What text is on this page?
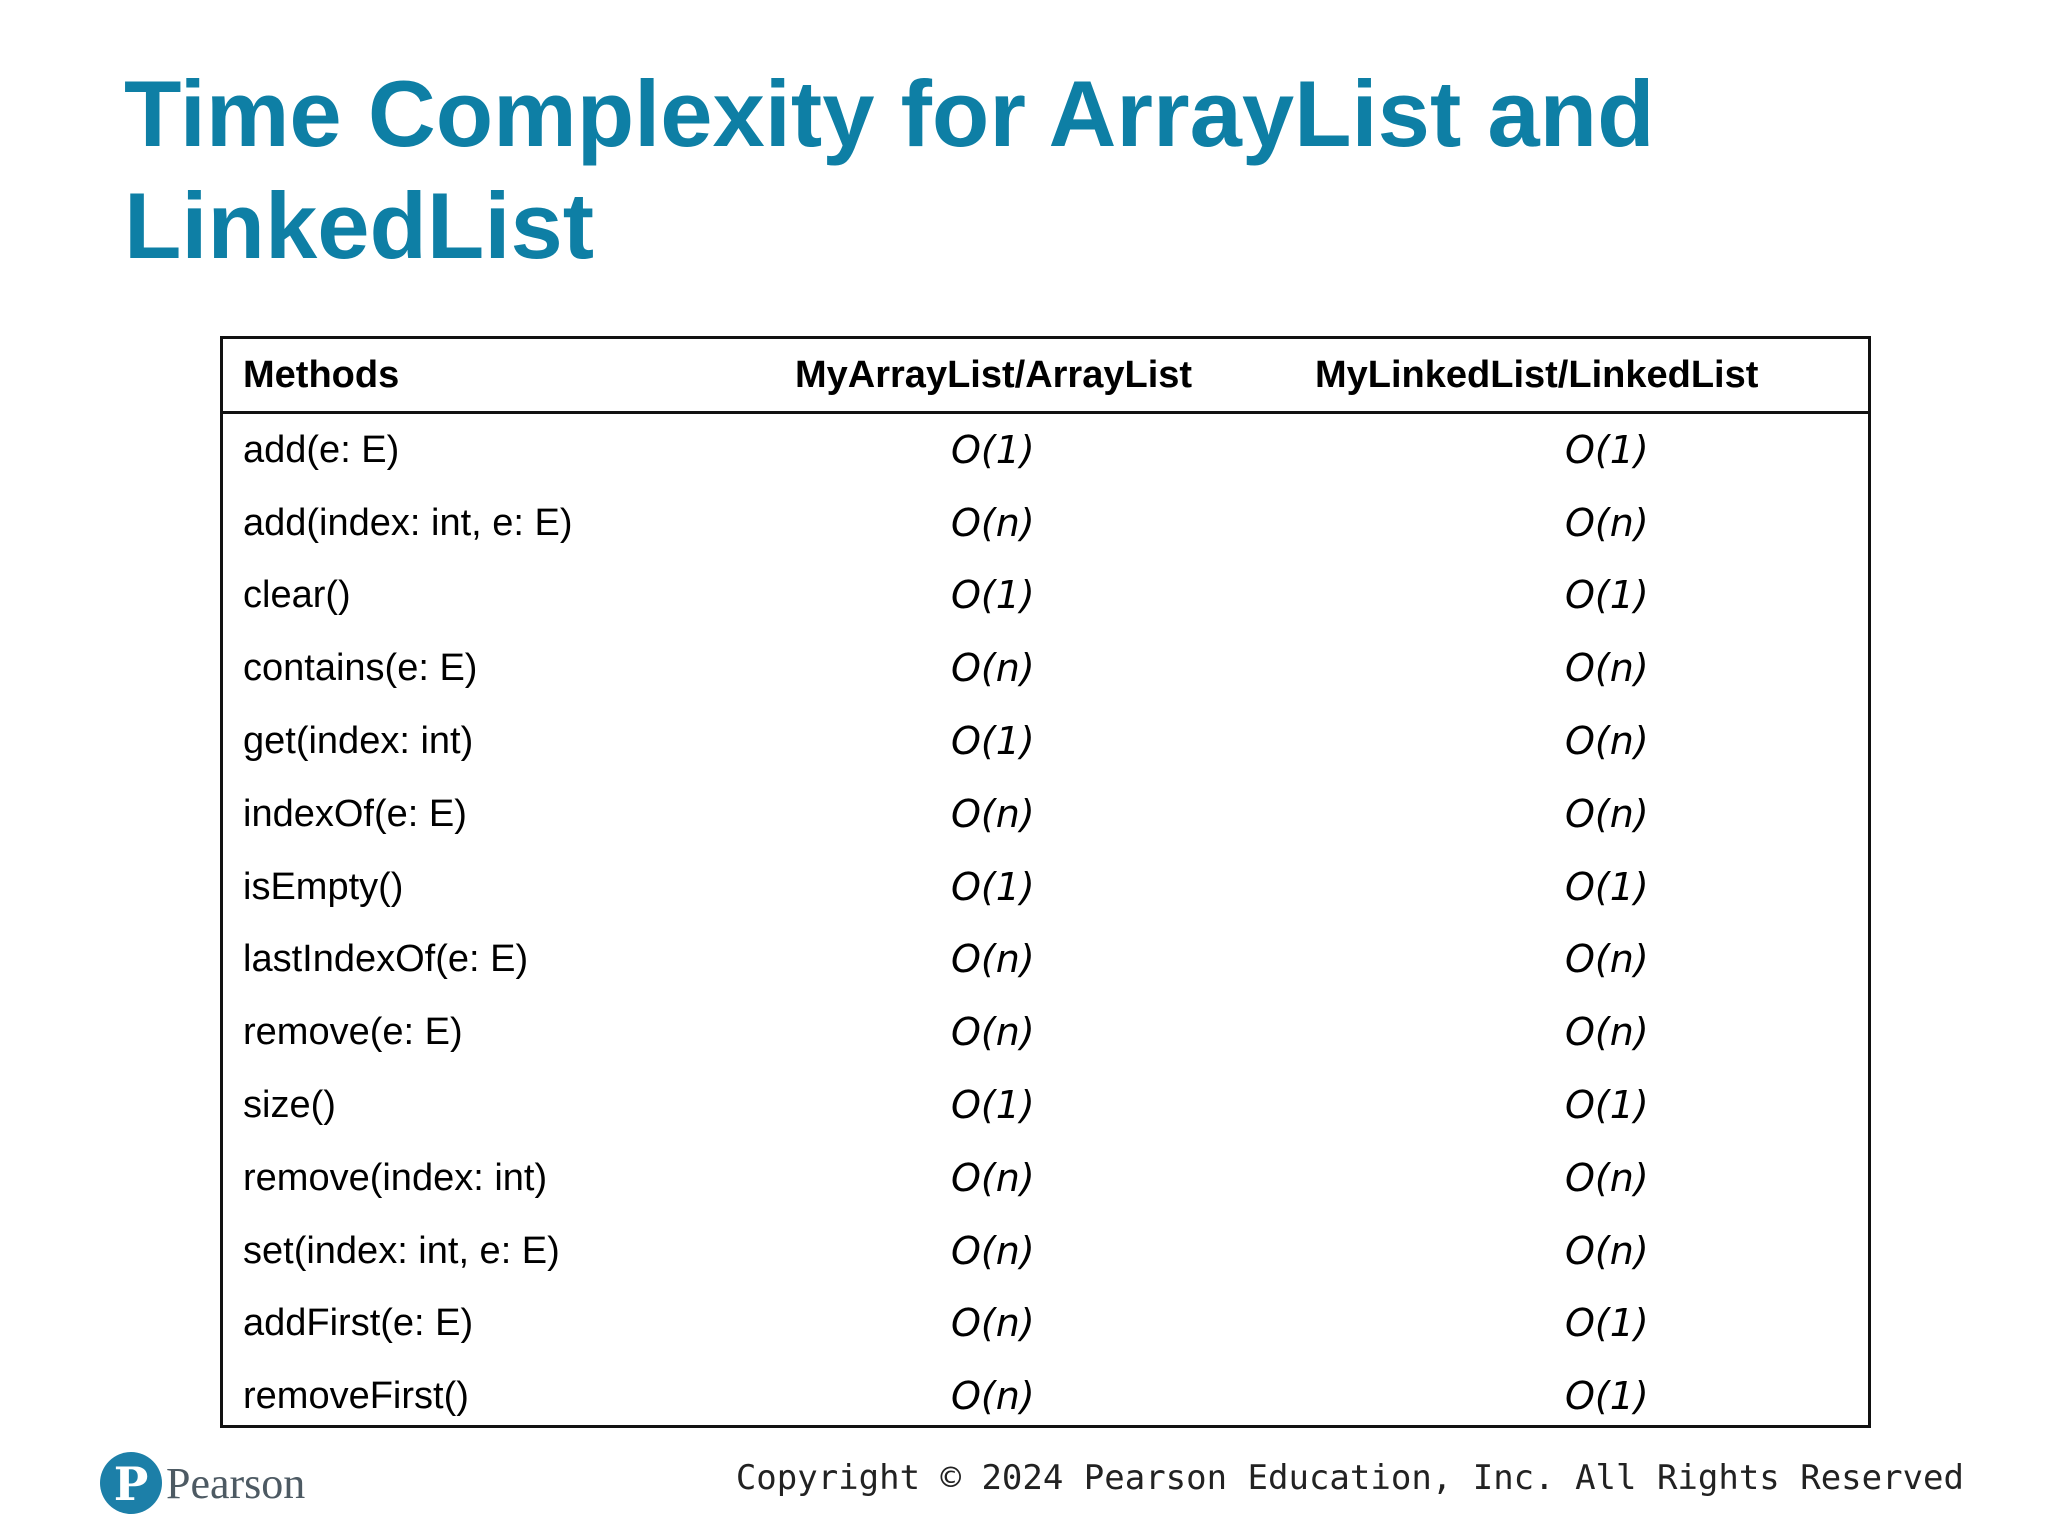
Time Complexity for ArrayList and LinkedList
Methods	MyArrayList/ArrayList	MyLinkedList/LinkedList
add(e: E)	O(1)	O(1)
add(index: int, e: E)	O(n)	O(n)
clear()	O(1)	O(1)
contains(e: E)	O(n)	O(n)
get(index: int)	O(1)	O(n)
indexOf(e: E)	O(n)	O(n)
isEmpty()	O(1)	O(1)
lastIndexOf(e: E)	O(n)	O(n)
remove(e: E)	O(n)	O(n)
size()	O(1)	O(1)
remove(index: int)	O(n)	O(n)
set(index: int, e: E)	O(n)	O(n)
addFirst(e: E)	O(n)	O(1)
removeFirst()	O(n)	O(1)
P Pearson	Copyright © 2024 Pearson Education, Inc. All Rights Reserved
